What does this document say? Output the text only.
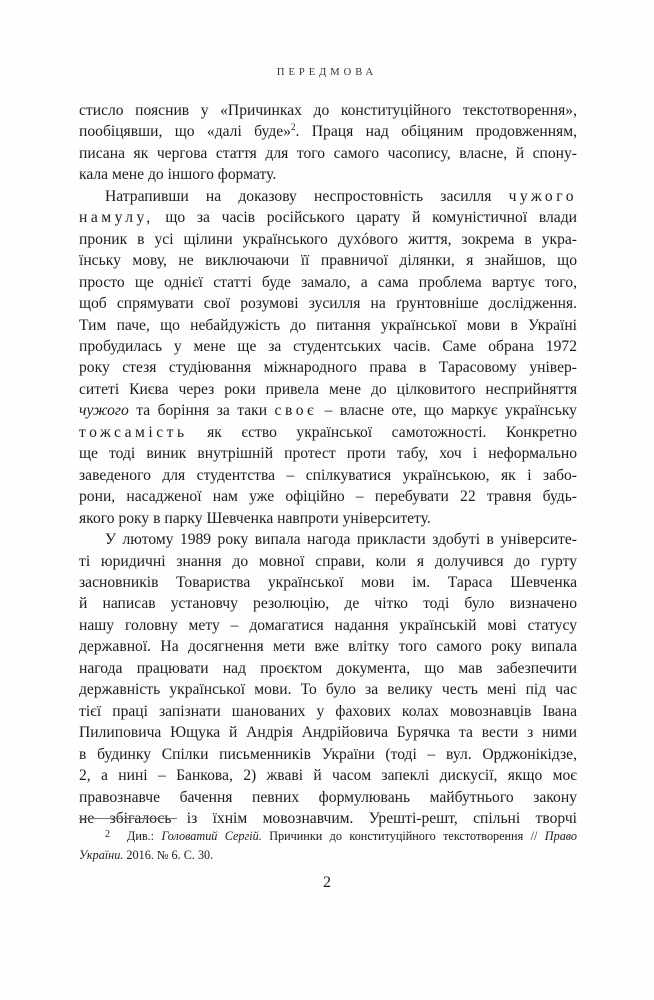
ПЕРЕДМОВА

стисло пояснив у «Причинках до конституційного текстотворення»,
пообіцявши, що «далі буде»$^2$. Праця над обіцяним продовженням,
писана як чергова стаття для того самого часопису, власне, й спону-
кала мене до іншого формату.

Натрапивши на доказову неспростовність засилля чужого
намулу, що за часів російського царату й комуністичної влади
проник в усі щілини українського духóвого життя, зокрема в укра-
їнську мову, не виключаючи її правничої ділянки, я знайшов, що
просто ще однієї статті буде замало, а сама проблема вартує того,
щоб спрямувати свої розумові зусилля на ґрунтовніше дослідження.
Тим паче, що небайдужість до питання української мови в Україні
пробудилась у мене ще за студентських часів. Саме обрана 1972
року стезя студіювання міжнародного права в Тарасовому універ-
ситеті Києва через роки привела мене до цілковитого несприйняття
чужого та боріння за таки своє – власне оте, що маркує українську
тожсамість як єство української самотожності. Конкретно
ще тоді виник внутрішній протест проти табу, хоч і неформально
заведеного для студентства – спілкуватися українською, як і забо-
рони, насадженої нам уже офіційно – перебувати 22 травня будь-
якого року в парку Шевченка навпроти університету.

У лютому 1989 року випала нагода прикласти здобуті в університе-
ті юридичні знання до мовної справи, коли я долучився до гурту
засновників Товариства української мови ім. Тараса Шевченка
й написав установчу резолюцію, де чітко тоді було визначено
нашу головну мету – домагатися надання українській мові статусу
державної. На досягнення мети вже влітку того самого року випала
нагода працювати над проєктом документа, що мав забезпечити
державність української мови. То було за велику честь мені під час
тієї праці запізнати шанованих у фахових колах мовознавців Івана
Пилиповича Ющука й Андрія Андрійовича Бурячка та вести з ними
в будинку Спілки письменників України (тоді – вул. Орджонікідзе,
2, а нині – Банкова, 2) жваві й часом запеклі дискусії, якщо моє
правознавче бачення певних формулювань майбутнього закону
не збігалось із їхнім мовознавчим. Урешті-решт, спільні творчі

2 Див.: Головатий Сергій. Причинки до конституційного текстотворення // Право України. 2016. № 6. С. 30.
2
